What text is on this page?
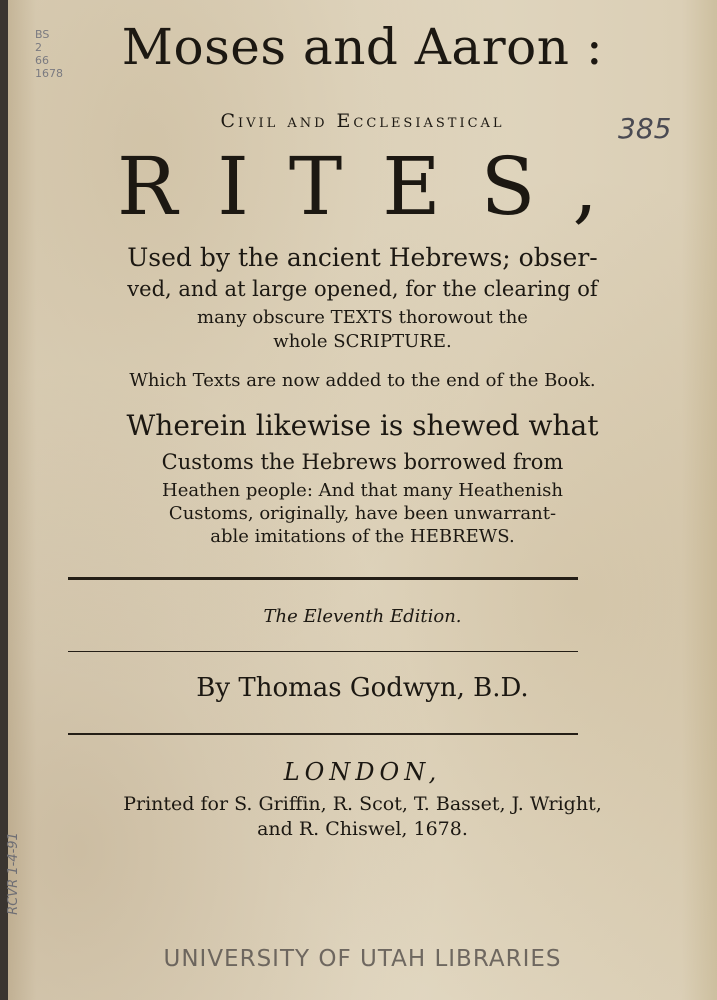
BS
2
66
1678
385
Moses and Aaron :
Civil and Ecclesiastical
RITES,
Used by the ancient Hebrews; obser-
ved, and at large opened, for the clearing of
many obscure TEXTS thorowout the
whole SCRIPTURE.
Which Texts are now added to the end of the Book.
Wherein likewise is shewed what
Customs the Hebrews borrowed from
Heathen people: And that many Heathenish
Customs, originally, have been unwarrant-
able imitations of the HEBREWS.
The Eleventh Edition.
By Thomas Godwyn, B.D.
LONDON,
Printed for S. Griffin, R. Scot, T. Basset, J. Wright,
and R. Chiswel, 1678.
RCVR 1-4-91
UNIVERSITY OF UTAH LIBRARIES
